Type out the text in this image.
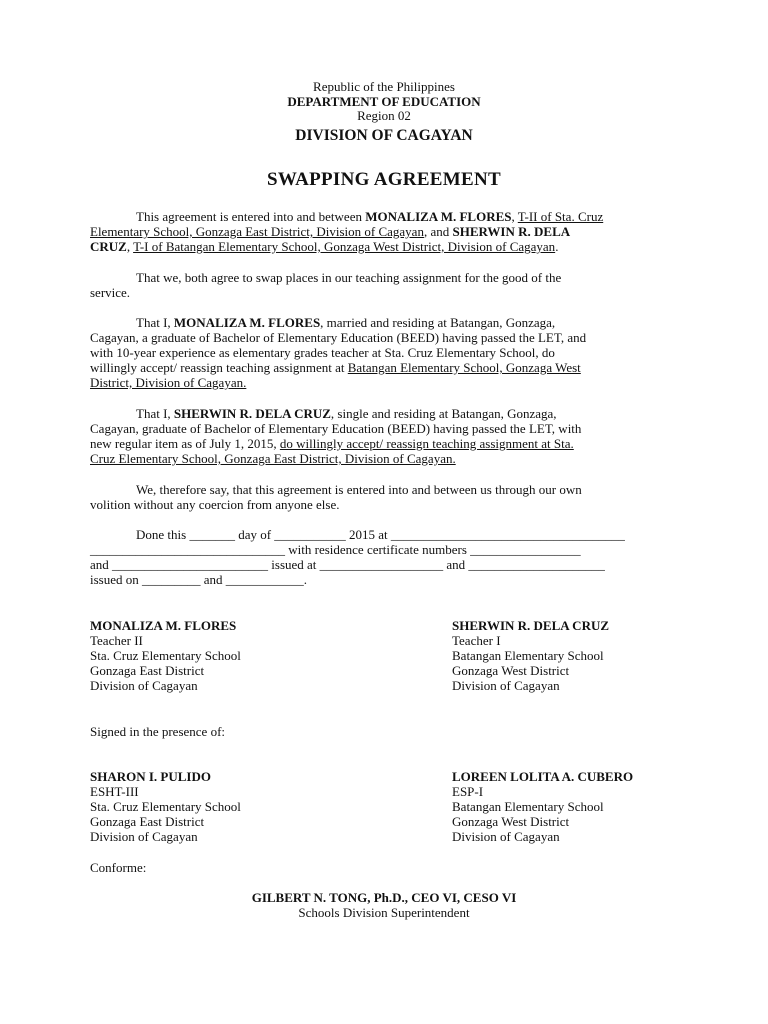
Republic of the Philippines
DEPARTMENT OF EDUCATION
Region 02
DIVISION OF CAGAYAN
SWAPPING AGREEMENT
This agreement is entered into and between MONALIZA M. FLORES, T-II of Sta. Cruz
Elementary School, Gonzaga East District, Division of Cagayan, and SHERWIN R. DELA
CRUZ, T-I of Batangan Elementary School, Gonzaga West District, Division of Cagayan.
That we, both agree to swap places in our teaching assignment for the good of the
service.
That I, MONALIZA M. FLORES, married and residing at Batangan, Gonzaga,
Cagayan, a graduate of Bachelor of Elementary Education (BEED) having passed the LET, and
with 10-year experience as elementary grades teacher at Sta. Cruz Elementary School, do
willingly accept/ reassign teaching assignment at Batangan Elementary School, Gonzaga West
District, Division of Cagayan.
That I, SHERWIN R. DELA CRUZ, single and residing at Batangan, Gonzaga,
Cagayan, graduate of Bachelor of Elementary Education (BEED) having passed the LET, with
new regular item as of July 1, 2015, do willingly accept/ reassign teaching assignment at Sta.
Cruz Elementary School, Gonzaga East District, Division of Cagayan.
We, therefore say, that this agreement is entered into and between us through our own
volition without any coercion from anyone else.
Done this _______ day of ___________ 2015 at ____________________________________
______________________________ with residence certificate numbers _________________
and ________________________ issued at ___________________ and _____________________
issued on _________ and ____________.
MONALIZA M. FLORES
Teacher II
Sta. Cruz Elementary School
Gonzaga East District
Division of Cagayan
SHERWIN R. DELA CRUZ
Teacher I
Batangan Elementary School
Gonzaga West District
Division of Cagayan
Signed in the presence of:
SHARON I. PULIDO
ESHT-III
Sta. Cruz Elementary School
Gonzaga East District
Division of Cagayan
LOREEN LOLITA A. CUBERO
ESP-I
Batangan Elementary School
Gonzaga West District
Division of Cagayan
Conforme:
GILBERT N. TONG, Ph.D., CEO VI, CESO VI
Schools Division Superintendent
